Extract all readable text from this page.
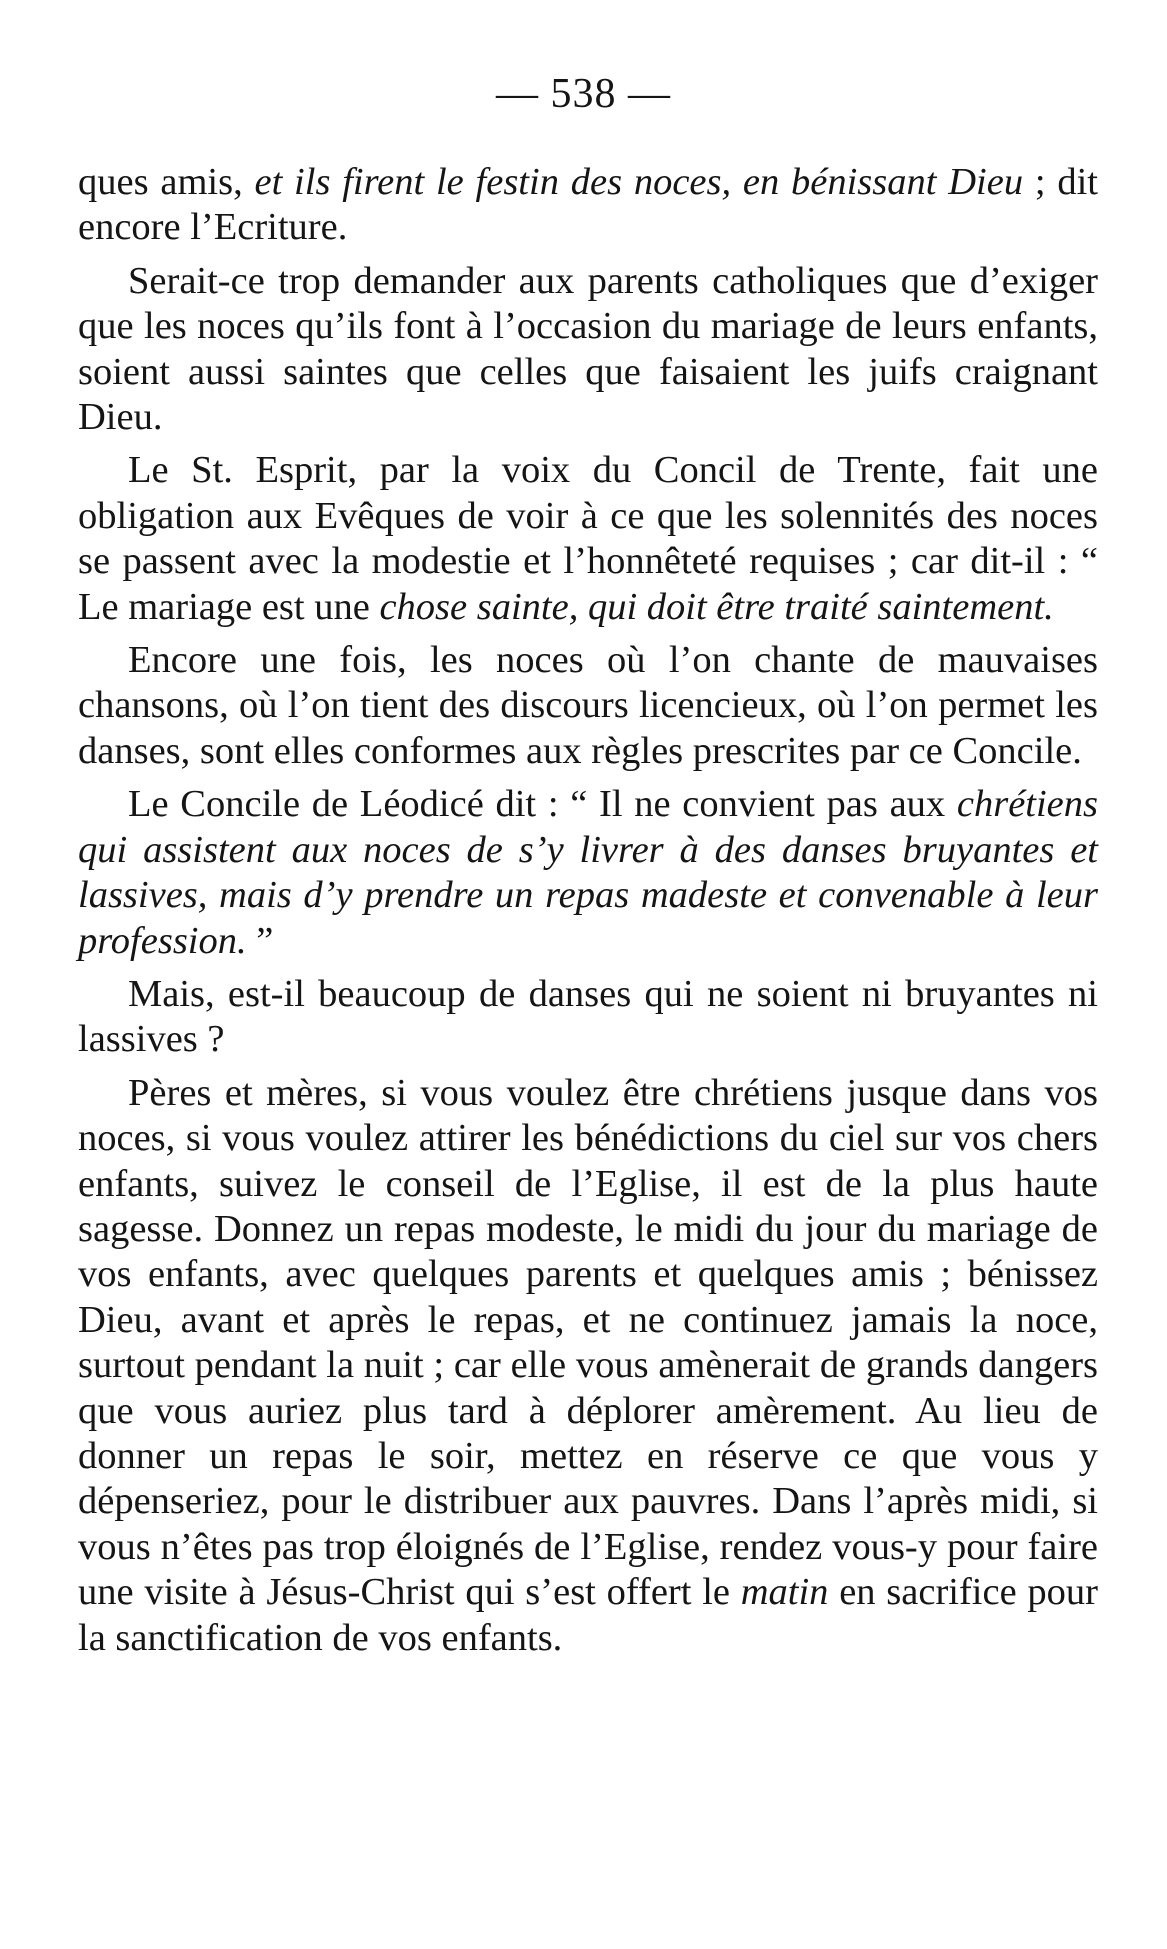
— 538 —

ques amis, et ils firent le festin des noces, en bénissant Dieu ; dit encore l’Ecriture.

Serait-ce trop demander aux parents catholiques que d’exiger que les noces qu’ils font à l’occasion du mariage de leurs enfants, soient aussi saintes que celles que faisaient les juifs craignant Dieu.

Le St. Esprit, par la voix du Concil de Trente, fait une obligation aux Evêques de voir à ce que les solennités des noces se passent avec la modestie et l’honnêteté requises ; car dit-il : “ Le mariage est une chose sainte, qui doit être traité saintement.

Encore une fois, les noces où l’on chante de mauvaises chansons, où l’on tient des discours licencieux, où l’on permet les danses, sont elles conformes aux règles prescrites par ce Concile.

Le Concile de Léodicé dit : “ Il ne convient pas aux chrétiens qui assistent aux noces de s’y livrer à des danses bruyantes et lassives, mais d’y prendre un repas madeste et convenable à leur profession. ”

Mais, est-il beaucoup de danses qui ne soient ni bruyantes ni lassives ?

Pères et mères, si vous voulez être chrétiens jusque dans vos noces, si vous voulez attirer les bénédictions du ciel sur vos chers enfants, suivez le conseil de l’Eglise, il est de la plus haute sagesse. Donnez un repas modeste, le midi du jour du mariage de vos enfants, avec quelques parents et quelques amis ; bénissez Dieu, avant et après le repas, et ne continuez jamais la noce, surtout pendant la nuit ; car elle vous amènerait de grands dangers que vous auriez plus tard à déplorer amèrement. Au lieu de donner un repas le soir, mettez en réserve ce que vous y dépenseriez, pour le distribuer aux pauvres. Dans l’après midi, si vous n’êtes pas trop éloignés de l’Eglise, rendez vous-y pour faire une visite à Jésus-Christ qui s’est offert le matin en sacrifice pour la sanctification de vos enfants.
